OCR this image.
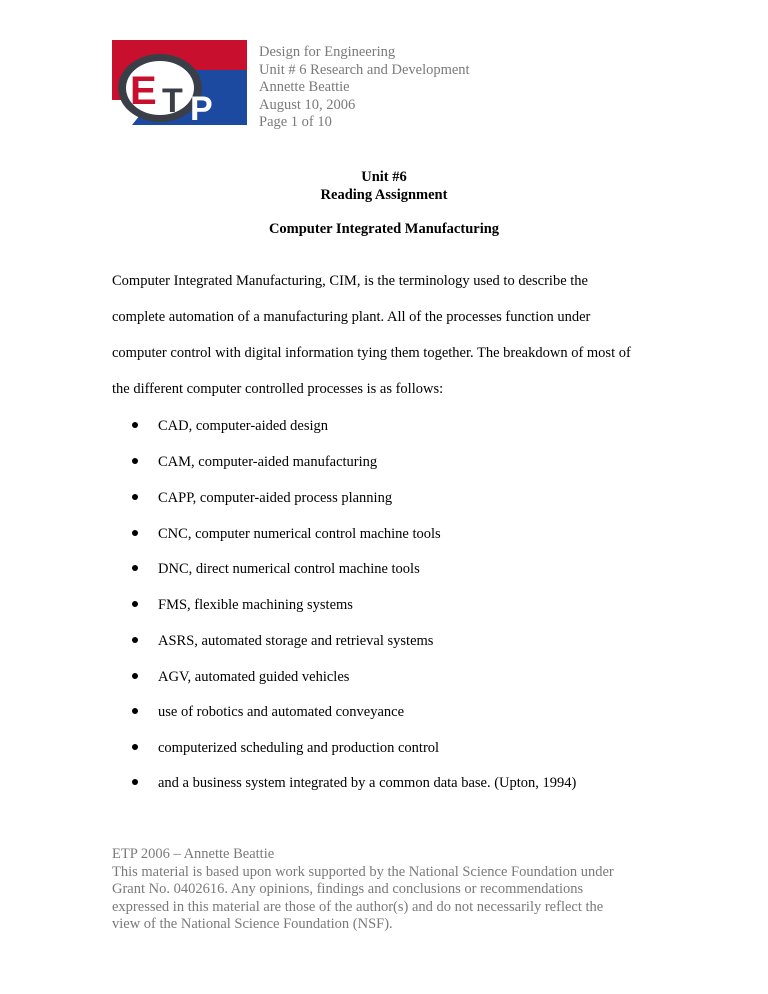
E T P
Design for Engineering
Unit # 6 Research and Development
Annette Beattie
August 10, 2006
Page 1 of 10
Unit #6
Reading Assignment
Computer Integrated Manufacturing
Computer Integrated Manufacturing, CIM, is the terminology used to describe the
complete automation of a manufacturing plant. All of the processes function under
computer control with digital information tying them together. The breakdown of most of
the different computer controlled processes is as follows:
CAD, computer-aided design
CAM, computer-aided manufacturing
CAPP, computer-aided process planning
CNC, computer numerical control machine tools
DNC, direct numerical control machine tools
FMS, flexible machining systems
ASRS, automated storage and retrieval systems
AGV, automated guided vehicles
use of robotics and automated conveyance
computerized scheduling and production control
and a business system integrated by a common data base. (Upton, 1994)
ETP 2006 – Annette Beattie
This material is based upon work supported by the National Science Foundation under
Grant No. 0402616. Any opinions, findings and conclusions or recommendations
expressed in this material are those of the author(s) and do not necessarily reflect the
view of the National Science Foundation (NSF).
